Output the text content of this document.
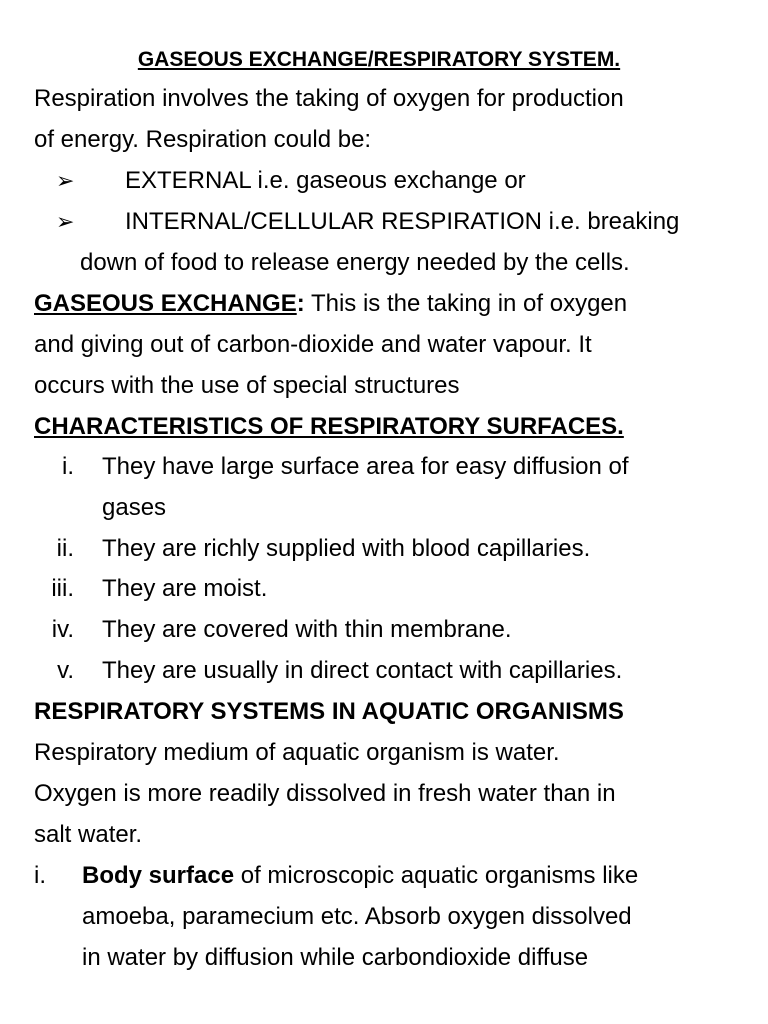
GASEOUS EXCHANGE/RESPIRATORY SYSTEM.
Respiration involves the taking of oxygen for production
of energy. Respiration could be:
➢ EXTERNAL i.e. gaseous exchange or
➢ INTERNAL/CELLULAR RESPIRATION i.e. breaking
down of food to release energy needed by the cells.
GASEOUS EXCHANGE: This is the taking in of oxygen
and giving out of carbon-dioxide and water vapour. It
occurs with the use of special structures
CHARACTERISTICS OF RESPIRATORY SURFACES.
i. They have large surface area for easy diffusion of
gases
ii. They are richly supplied with blood capillaries.
iii. They are moist.
iv. They are covered with thin membrane.
v. They are usually in direct contact with capillaries.
RESPIRATORY SYSTEMS IN AQUATIC ORGANISMS
Respiratory medium of aquatic organism is water.
Oxygen is more readily dissolved in fresh water than in
salt water.
i. Body surface of microscopic aquatic organisms like
amoeba, paramecium etc. Absorb oxygen dissolved
in water by diffusion while carbondioxide diffuse
